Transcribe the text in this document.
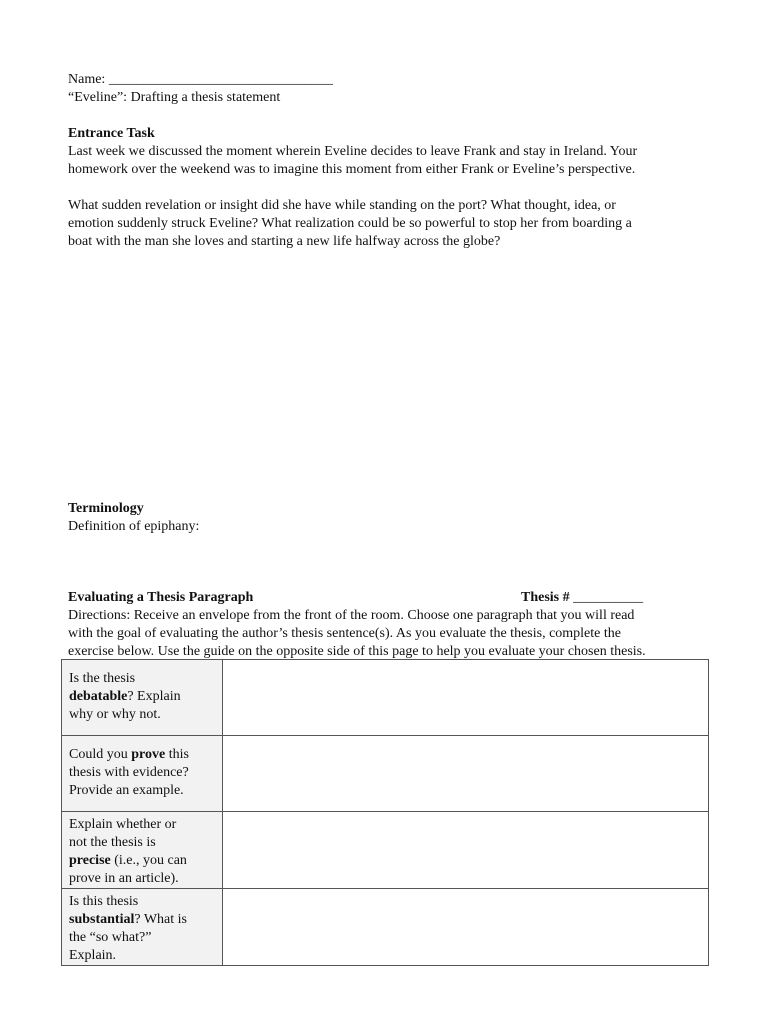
Name: ________________________________
“Eveline”: Drafting a thesis statement
Entrance Task
Last week we discussed the moment wherein Eveline decides to leave Frank and stay in Ireland. Your
homework over the weekend was to imagine this moment from either Frank or Eveline’s perspective.
What sudden revelation or insight did she have while standing on the port? What thought, idea, or
emotion suddenly struck Eveline? What realization could be so powerful to stop her from boarding a
boat with the man she loves and starting a new life halfway across the globe?
Terminology
Definition of epiphany:
Evaluating a Thesis Paragraph	Thesis # __________
Directions: Receive an envelope from the front of the room. Choose one paragraph that you will read
with the goal of evaluating the author’s thesis sentence(s). As you evaluate the thesis, complete the
exercise below. Use the guide on the opposite side of this page to help you evaluate your chosen thesis.
Is the thesis
debatable? Explain
why or why not.	

Could you prove this
thesis with evidence?
Provide an example.	

Explain whether or
not the thesis is
precise (i.e., you can
prove in an article).	

Is this thesis
substantial? What is
the “so what?”
Explain.	
